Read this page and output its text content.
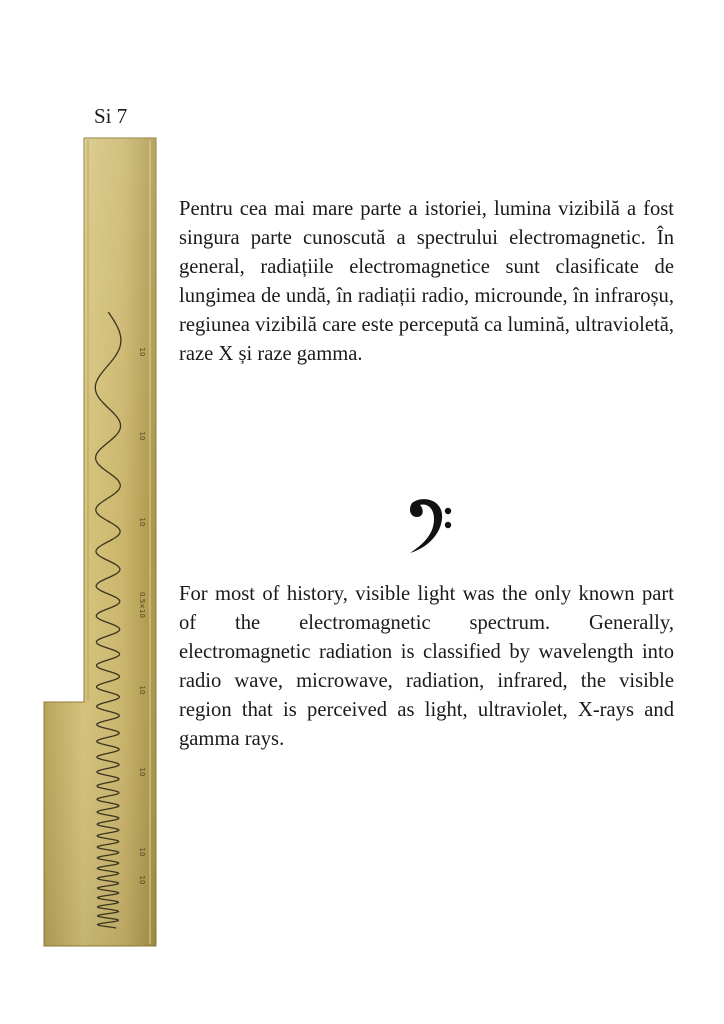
Si 7
10
10
10
0.5×10
10
10
10
10

Pentru cea mai mare parte a istoriei, lumina vizibilă a fost singura parte cunoscută a spectrului electromagnetic. În general, radiațiile electromagnetice sunt clasificate de lungimea de undă, în radiații radio, microunde, în infraroșu, regiunea vizibilă care este percepută ca lumină, ultravioletă, raze X și raze gamma.

For most of history, visible light was the only known part of the electromagnetic spectrum. Generally, electromagnetic radiation is classified by wavelength into radio wave, microwave, radiation, infrared, the visible region that is perceived as light, ultraviolet, X-rays and gamma rays.
